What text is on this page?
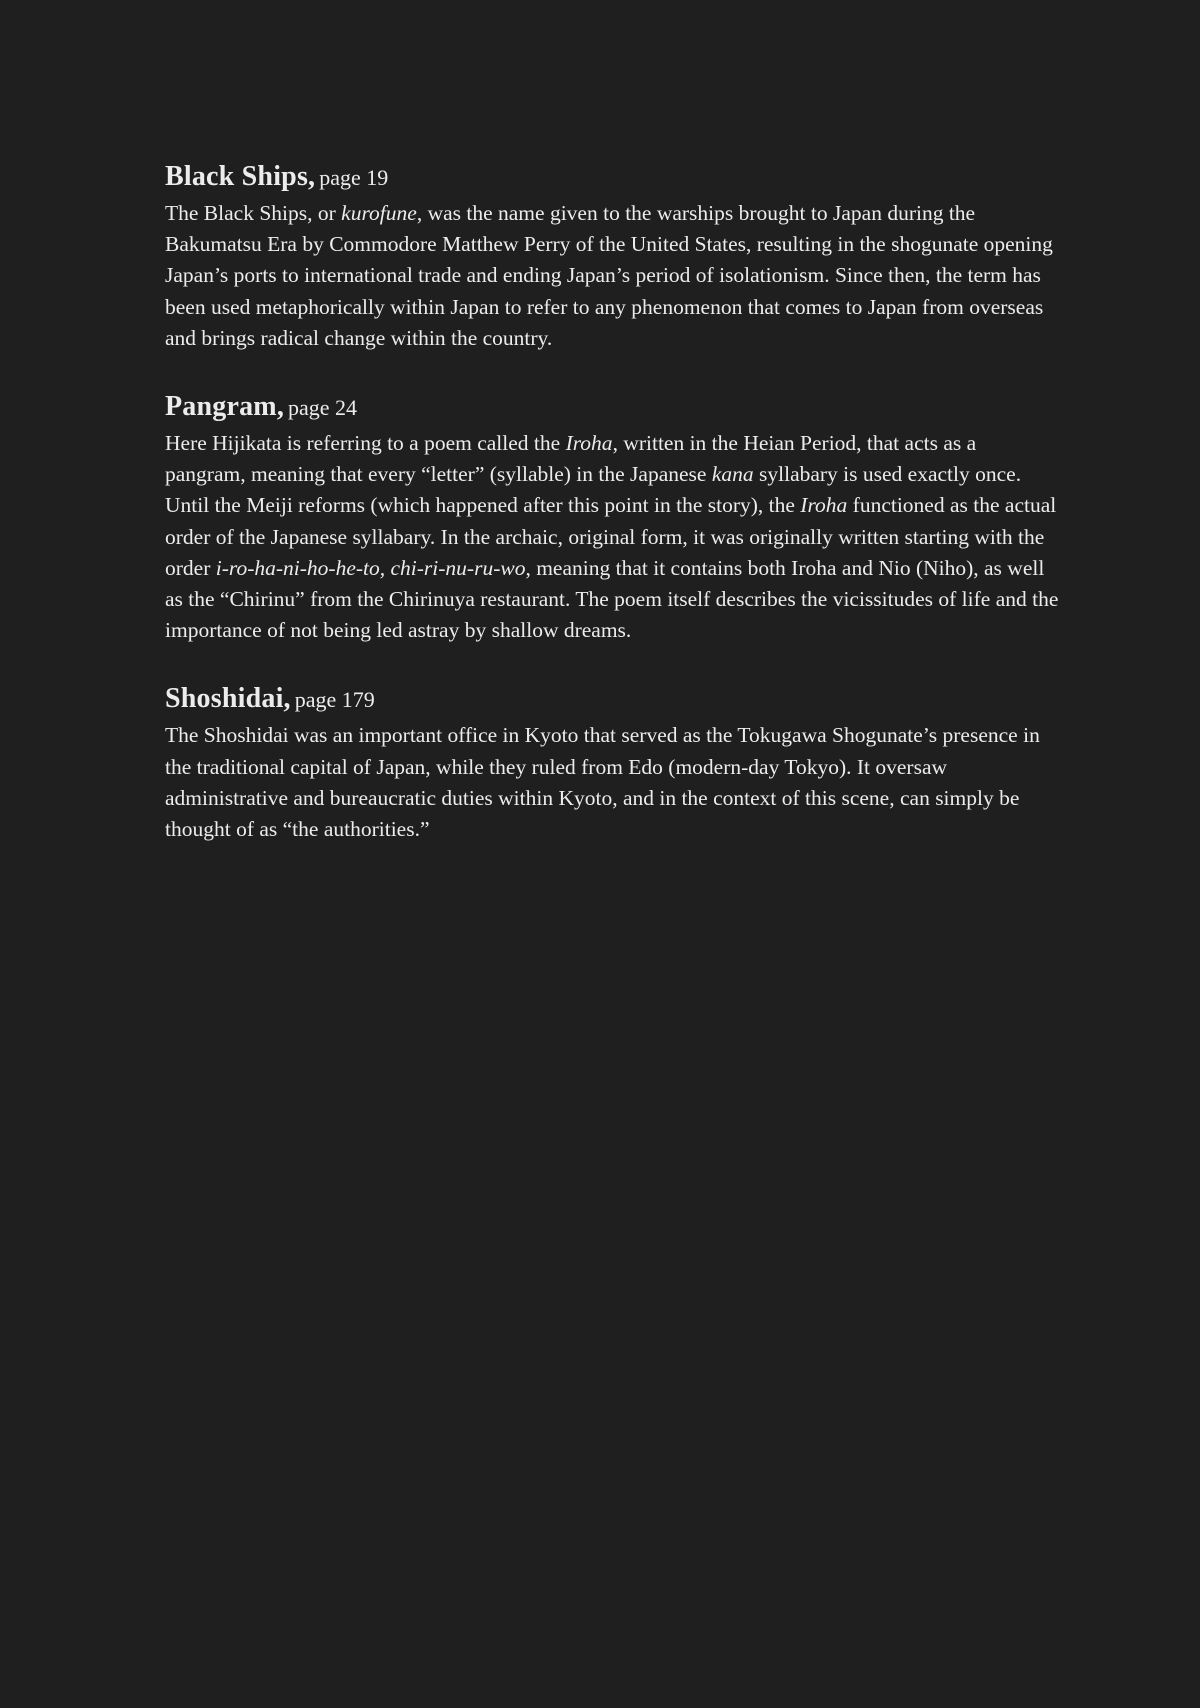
Black Ships, page 19

The Black Ships, or kurofune, was the name given to the warships brought to Japan during the Bakumatsu Era by Commodore Matthew Perry of the United States, resulting in the shogunate opening Japan’s ports to international trade and ending Japan’s period of isolationism. Since then, the term has been used metaphorically within Japan to refer to any phenomenon that comes to Japan from overseas and brings radical change within the country.

Pangram, page 24

Here Hijikata is referring to a poem called the Iroha, written in the Heian Period, that acts as a pangram, meaning that every “letter” (syllable) in the Japanese kana syllabary is used exactly once. Until the Meiji reforms (which happened after this point in the story), the Iroha functioned as the actual order of the Japanese syllabary. In the archaic, original form, it was originally written starting with the order i-ro-ha-ni-ho-he-to, chi-ri-nu-ru-wo, meaning that it contains both Iroha and Nio (Niho), as well as the “Chirinu” from the Chirinuya restaurant. The poem itself describes the vicissitudes of life and the importance of not being led astray by shallow dreams.

Shoshidai, page 179

The Shoshidai was an important office in Kyoto that served as the Tokugawa Shogunate’s presence in the traditional capital of Japan, while they ruled from Edo (modern-day Tokyo). It oversaw administrative and bureaucratic duties within Kyoto, and in the context of this scene, can simply be thought of as “the authorities.”
